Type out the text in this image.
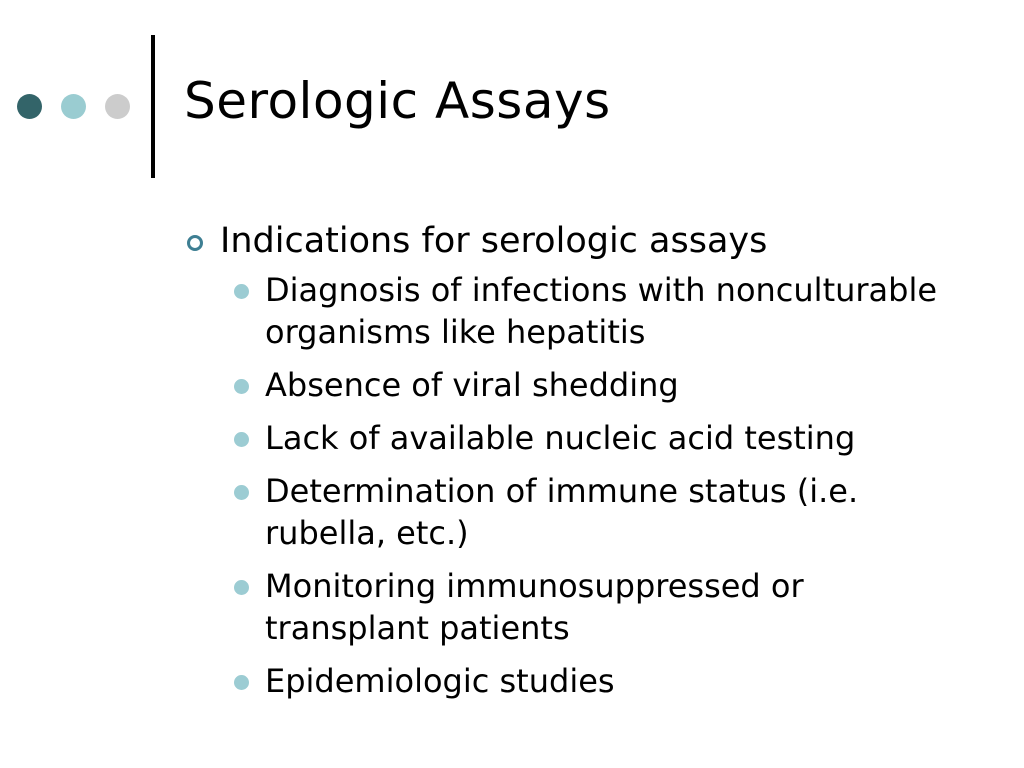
Serologic Assays
Indications for serologic assays
Diagnosis of infections with nonculturable organisms like hepatitis
Absence of viral shedding
Lack of available nucleic acid testing
Determination of immune status (i.e. rubella, etc.)
Monitoring immunosuppressed or transplant patients
Epidemiologic studies
